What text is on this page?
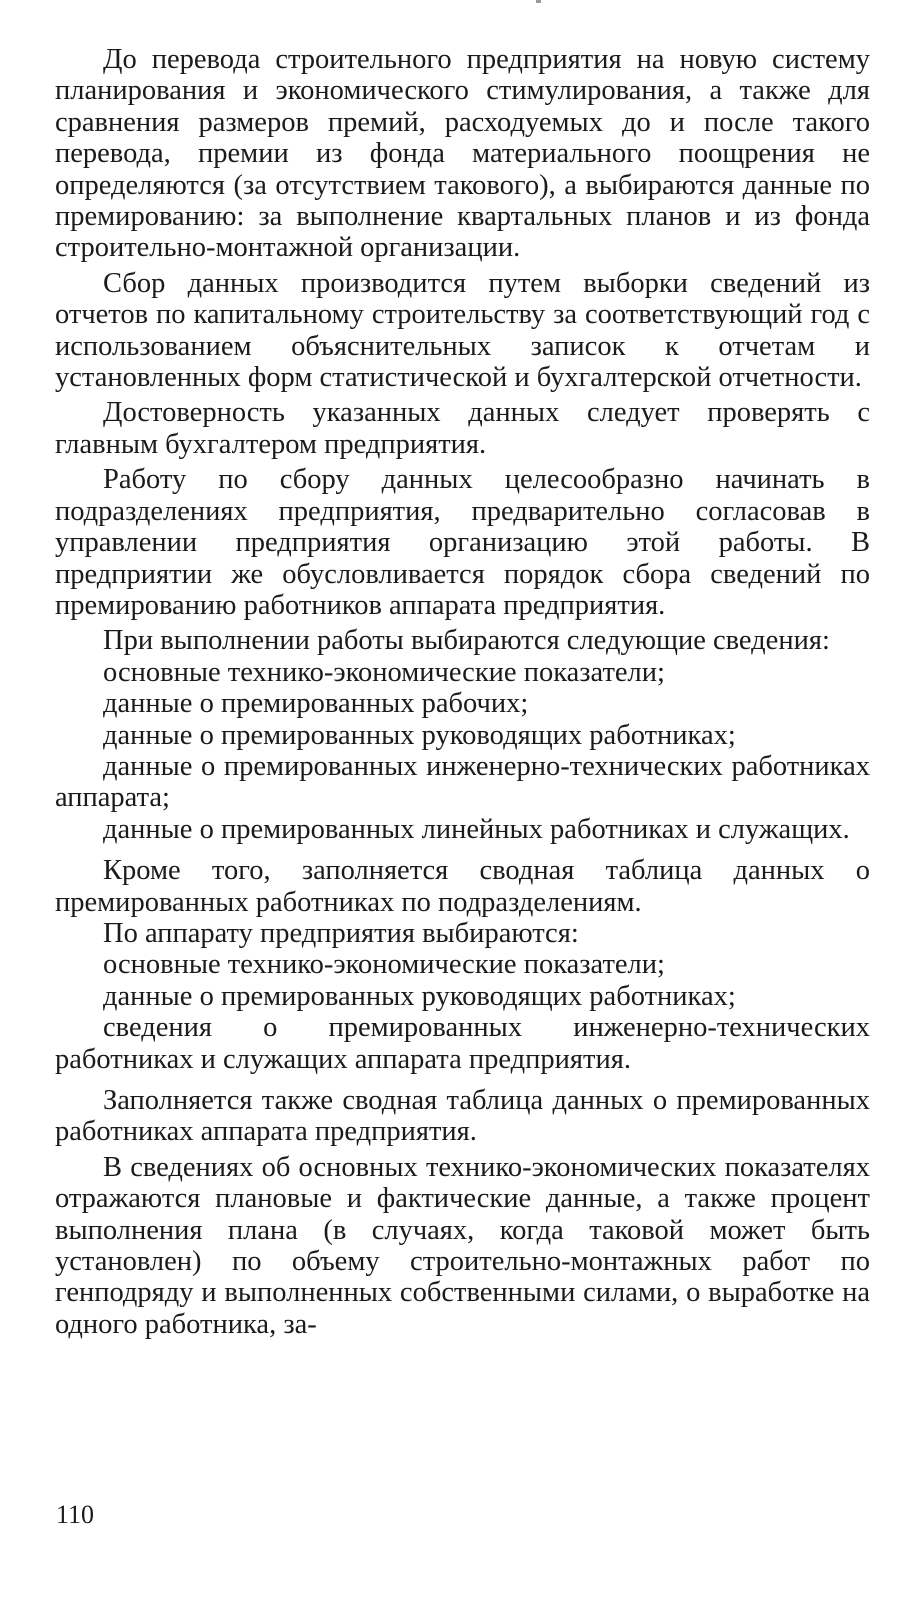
До перевода строительного предприятия на новую систему планирования и экономического стимулирования, а также для сравнения размеров премий, расходуемых до и после такого перевода, премии из фонда материального поощрения не определяются (за отсутствием такового), а выбираются данные по премированию: за выполнение квартальных планов и из фонда строительно-монтажной организации.

Сбор данных производится путем выборки сведений из отчетов по капитальному строительству за соответствующий год с использованием объяснительных записок к отчетам и установленных форм статистической и бухгалтерской отчетности.

Достоверность указанных данных следует проверять с главным бухгалтером предприятия.

Работу по сбору данных целесообразно начинать в подразделениях предприятия, предварительно согласовав в управлении предприятия организацию этой работы. В предприятии же обусловливается порядок сбора сведений по премированию работников аппарата предприятия.

При выполнении работы выбираются следующие сведения:

основные технико-экономические показатели;

данные о премированных рабочих;

данные о премированных руководящих работниках;

данные о премированных инженерно-технических работниках аппарата;

данные о премированных линейных работниках и служащих.

Кроме того, заполняется сводная таблица данных о премированных работниках по подразделениям.

По аппарату предприятия выбираются:

основные технико-экономические показатели;

данные о премированных руководящих работниках;

сведения о премированных инженерно-технических работниках и служащих аппарата предприятия.

Заполняется также сводная таблица данных о премированных работниках аппарата предприятия.

В сведениях об основных технико-экономических показателях отражаются плановые и фактические данные, а также процент выполнения плана (в случаях, когда таковой может быть установлен) по объему строительно-монтажных работ по генподряду и выполненных собственными силами, о выработке на одного работника, за-

110
